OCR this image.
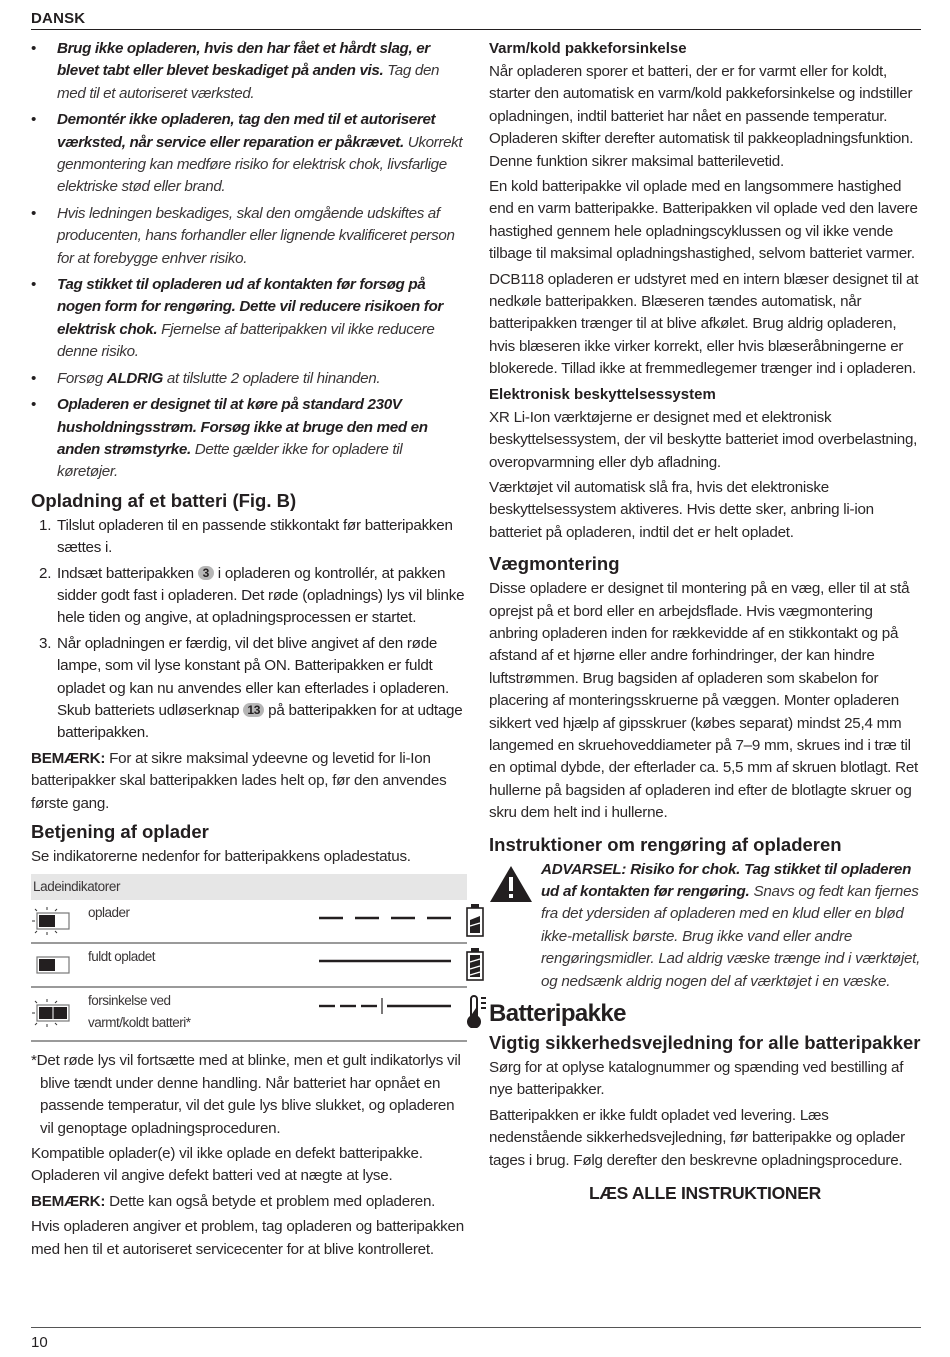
DANSK
• Brug ikke opladeren, hvis den har fået et hårdt slag, er blevet tabt eller blevet beskadiget på anden vis. Tag den med til et autoriseret værksted.
• Demontér ikke opladeren, tag den med til et autoriseret værksted, når service eller reparation er påkrævet. Ukorrekt genmontering kan medføre risiko for elektrisk chok, livsfarlige elektriske stød eller brand.
• Hvis ledningen beskadiges, skal den omgående udskiftes af producenten, hans forhandler eller lignende kvalificeret person for at forebygge enhver risiko.
• Tag stikket til opladeren ud af kontakten før forsøg på nogen form for rengøring. Dette vil reducere risikoen for elektrisk chok. Fjernelse af batteripakken vil ikke reducere denne risiko.
• Forsøg ALDRIG at tilslutte 2 opladere til hinanden.
• Opladeren er designet til at køre på standard 230V husholdningsstrøm. Forsøg ikke at bruge den med en anden strømstyrke. Dette gælder ikke for opladere til køretøjer.
Opladning af et batteri (Fig. B)
1. Tilslut opladeren til en passende stikkontakt før batteripakken sættes i.
2. Indsæt batteripakken 3 i opladeren og kontrollér, at pakken sidder godt fast i opladeren. Det røde (opladnings) lys vil blinke hele tiden og angive, at opladningsprocessen er startet.
3. Når opladningen er færdig, vil det blive angivet af den røde lampe, som vil lyse konstant på ON. Batteripakken er fuldt opladet og kan nu anvendes eller kan efterlades i opladeren. Skub batteriets udløserknap 13 på batteripakken for at udtage batteripakken.

BEMÆRK: For at sikre maksimal ydeevne og levetid for li-Ion batteripakker skal batteripakken lades helt op, før den anvendes første gang.

Betjening af oplader

Se indikatorerne nedenfor for batteripakkens opladestatus.

Ladeindikatorer
oplader
fuldt opladet
forsinkelse ved
varmt/koldt batteri*

*Det røde lys vil fortsætte med at blinke, men et gult indikatorlys vil blive tændt under denne handling. Når batteriet har opnået en passende temperatur, vil det gule lys blive slukket, og opladeren vil genoptage opladningsproceduren.

Kompatible oplader(e) vil ikke oplade en defekt batteripakke. Opladeren vil angive defekt batteri ved at nægte at lyse.

BEMÆRK: Dette kan også betyde et problem med opladeren.

Hvis opladeren angiver et problem, tag opladeren og batteripakken med hen til et autoriseret servicecenter for at blive kontrolleret.

Varm/kold pakkeforsinkelse

Når opladeren sporer et batteri, der er for varmt eller for koldt, starter den automatisk en varm/kold pakkeforsinkelse og indstiller opladningen, indtil batteriet har nået en passende temperatur. Opladeren skifter derefter automatisk til pakkeopladningsfunktion. Denne funktion sikrer maksimal batterilevetid.

En kold batteripakke vil oplade med en langsommere hastighed end en varm batteripakke. Batteripakken vil oplade ved den lavere hastighed gennem hele opladningscyklussen og vil ikke vende tilbage til maksimal opladningshastighed, selvom batteriet varmer.

DCB118 opladeren er udstyret med en intern blæser designet til at nedkøle batteripakken. Blæseren tændes automatisk, når batteripakken trænger til at blive afkølet. Brug aldrig opladeren, hvis blæseren ikke virker korrekt, eller hvis blæseråbningerne er blokerede. Tillad ikke at fremmedlegemer trænger ind i opladeren.

Elektronisk beskyttelsessystem

XR Li-Ion værktøjerne er designet med et elektronisk beskyttelsessystem, der vil beskytte batteriet imod overbelastning, overopvarmning eller dyb afladning.

Værktøjet vil automatisk slå fra, hvis det elektroniske beskyttelsessystem aktiveres. Hvis dette sker, anbring li-ion batteriet på opladeren, indtil det er helt opladet.

Vægmontering

Disse opladere er designet til montering på en væg, eller til at stå oprejst på et bord eller en arbejdsflade. Hvis vægmontering anbring opladeren inden for rækkevidde af en stikkontakt og på afstand af et hjørne eller andre forhindringer, der kan hindre luftstrømmen. Brug bagsiden af opladeren som skabelon for placering af monteringsskruerne på væggen. Monter opladeren sikkert ved hjælp af gipsskruer (købes separat) mindst 25,4 mm langemed en skruehoveddiameter på 7–9 mm, skrues ind i træ til en optimal dybde, der efterlader ca. 5,5 mm af skruen blotlagt. Ret hullerne på bagsiden af opladeren ind efter de blotlagte skruer og skru dem helt ind i hullerne.

Instruktioner om rengøring af opladeren

ADVARSEL: Risiko for chok. Tag stikket til opladeren ud af kontakten før rengøring. Snavs og fedt kan fjernes fra det ydersiden af opladeren med en klud eller en blød ikke-metallisk børste. Brug ikke vand eller andre rengøringsmidler. Lad aldrig væske trænge ind i værktøjet, og nedsænk aldrig nogen del af værktøjet i en væske.

Batteripakke
Vigtig sikkerhedsvejledning for alle batteripakker

Sørg for at oplyse katalognummer og spænding ved bestilling af nye batteripakker.

Batteripakken er ikke fuldt opladet ved levering. Læs nedenstående sikkerhedsvejledning, før batteripakke og oplader tages i brug. Følg derefter den beskrevne opladningsprocedure.

LÆS ALLE INSTRUKTIONER
10
